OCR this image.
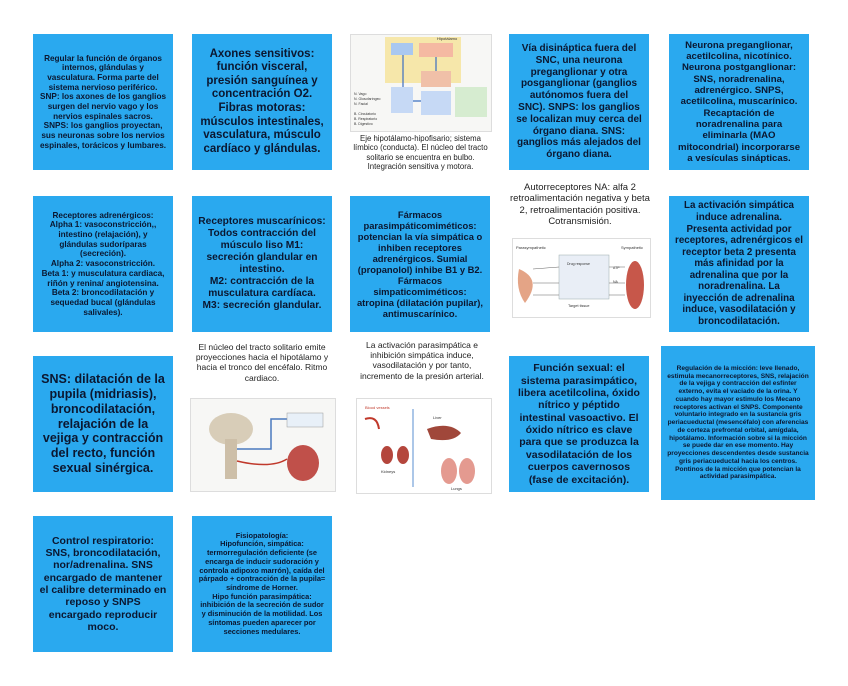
Regular la función de órganos internos, glándulas y vasculatura. Forma parte del sistema nervioso periférico. SNP: los axones de los ganglios surgen del nervio vago y los nervios espinales sacros.
SNPS: los ganglios proyectan, sus neuronas sobre los nervios espinales, torácicos y lumbares.
Axones sensitivos: función visceral, presión sanguínea y concentración O2.
Fibras motoras: músculos intestinales, vasculatura, músculo cardíaco y glándulas.
Hipotálamo
N. Vago
N. Glosofaríngeo
N. Facial
B. Circulatorio
B. Respiratorio
B. Digestivo
Eje hipotálamo-hipofisario; sistema límbico (conducta). El núcleo del tracto solitario se encuentra en bulbo. Integración sensitiva y motora.
Vía disináptica fuera del SNC, una neurona preganglionar y otra posganglionar (ganglios autónomos fuera del SNC). SNPS: los ganglios se localizan muy cerca del órgano diana. SNS: ganglios más alejados del órgano diana.
Neurona preganglionar, acetilcolina, nicotínico. Neurona postganglionar: SNS, noradrenalina, adrenérgico. SNPS, acetilcolina, muscarínico.
Recaptación de noradrenalina para eliminarla (MAO mitocondrial) incorporarse a vesículas sinápticas.
Receptores adrenérgicos:
Alpha 1: vasoconstricción,, intestino (relajación), y glándulas sudoríparas (secreción).
Alpha 2: vasoconstricción.
Beta 1: y musculatura cardiaca, riñón y renina/ angiotensina.
Beta 2: broncodilatación y sequedad bucal (glándulas salivales).
Receptores muscarínicos:
Todos contracción del músculo liso M1: secreción glandular en intestino.
M2: contracción de la musculatura cardíaca.
M3: secreción glandular.
Fármacos parasimpáticomiméticos: potencian la vía simpática o inhiben receptores adrenérgicos. Sumial (propanolol) inhibe B1 y B2.
Fármacos simpaticomiméticos: atropina (dilatación pupilar), antimuscarínico.
Autorreceptores NA: alfa 2 retroalimentación negativa y beta 2, retroalimentación positiva. Cotransmisión.
Parasympathetic	Sympathetic
Target tissue
Drug response
ATP
NA
La activación simpática induce adrenalina. Presenta actividad por receptores, adrenérgicos el receptor beta 2 presenta más afinidad por la adrenalina que por la noradrenalina. La inyección de adrenalina induce, vasodilatación y broncodilatación.
SNS: dilatación de la pupila (midriasis), broncodilatación, relajación de la vejiga y contracción del recto, función sexual sinérgica.
El núcleo del tracto solitario emite proyecciones hacia el hipotálamo y hacia el tronco del encéfalo. Ritmo cardiaco.
La activación parasimpática e inhibición simpática induce, vasodilatación y por tanto, incremento de la presión arterial.
Blood vessels
Liver
Kidneys
Lungs
Función sexual: el sistema parasimpático, libera acetilcolina, óxido nítrico y péptido intestinal vasoactivo. El óxido nítrico es clave para que se produzca la vasodilatación de los cuerpos cavernosos (fase de excitación).
Regulación de la micción: leve llenado, estimula mecanorreceptores, SNS, relajación de la vejiga y contracción del esfínter externo, evita el vaciado de la orina. Y cuando hay mayor estimulo los Mecano receptores activan el SNPS. Componente voluntario integrado en la sustancia gris periacueductal (mesencéfalo) con aferencias de corteza prefrontal orbital, amígdala, hipotálamo. Información sobre si la micción se puede dar en ese momento. Hay proyecciones descendentes desde sustancia gris periacueductal hacia los centros. Pontinos de la micción que potencian la actividad parasimpática.
Control respiratorio: SNS, broncodilatación, nor/adrenalina. SNS encargado de mantener el calibre determinado en reposo y SNPS encargado reproducir moco.
Fisiopatología:
Hipofunción, simpática: termorregulación deficiente (se encarga de inducir sudoración y controla adipoxo marrón), caída del párpado + contracción de la pupila= síndrome de Horner.
Hipo función parasimpática: inhibición de la secreción de sudor y disminución de la motilidad. Los síntomas pueden aparecer por secciones medulares.
